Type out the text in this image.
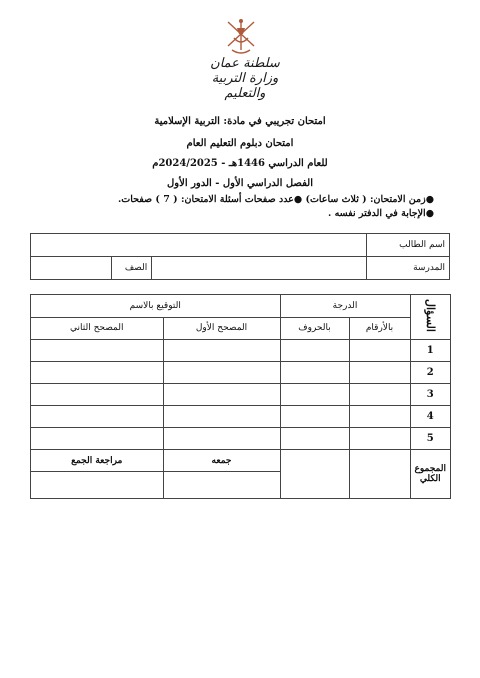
سلطنة عمان
وزارة التربية والتعليم
امتحان تجريبي في مادة: التربية الإسلامية
امتحان دبلوم التعليم العام
للعام الدراسي 1446هـ - 2024/2025م
الفصل الدراسي الأول - الدور الأول
●زمن الامتحان: ( ثلاث ساعات) ●عدد صفحات أسئلة الامتحان: ( 7 ) صفحات.
●الإجابة في الدفتر نفسه .
اسم الطالب			
المدرسة		الصف	
السؤال	الدرجة		التوقيع بالاسم	
	بالأرقام	بالحروف	المصحح الأول	المصحح الثاني
1				
2				
3				
4				
5				

المجموع
الكلي			جمعه	مراجعة الجمع
